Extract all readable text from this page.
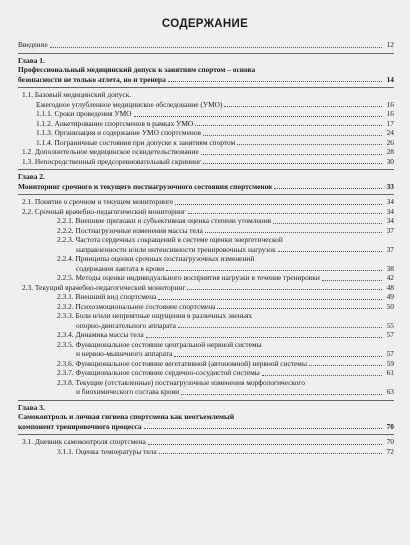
СОДЕРЖАНИЕ
Введение	12
Глава 1.
Профессиональный медицинский допуск к занятиям спортом – основа
безопасности не только атлета, но и тренера	14
1.1. Базовый медицинский допуск.
Ежегодное углубленное медицинское обследование (УМО)	16
1.1.1. Сроки проведения УМО	16
1.1.2. Анкетирование спортсменов в рамках УМО	17
1.1.3. Организация и содержание УМО спортсменов	24
1.1.4. Пограничные состояния при допуске к занятиям спортом	26
1.2. Дополнительное медицинское освидетельствование	28
1.3. Непосредственный предсоревновательный скрининг	30
Глава 2.
Мониторинг срочного и текущего постнагрузочного состояния спортсменов	33
2.1. Понятие о срочном и текущем мониторинге	34
2.2. Срочный врачебно-педагогический мониторинг	34
2.2.1. Внешние признаки и субъективная оценка степени утомления	34
2.2.2. Постнагрузочные изменения массы тела	37
2.2.3. Частота сердечных сокращений в системе оценки энергетической
направленности и/или интенсивности тренировочных нагрузок	37
2.2.4. Принципы оценки срочных постнагрузочных изменений
содержания лактата в крови	38
2.2.5. Методы оценки индивидуального восприятия нагрузки в течение тренировки	42
2.3. Текущий врачебно-педагогический мониторинг	48
2.3.1. Внешний вид спортсмена	49
2.3.2. Психоэмоциональное состояние спортсмена	50
2.3.3. Боли и/или неприятные ощущения в различных звеньях
опорно-двигательного аппарата	55
2.3.4. Динамика массы тела	57
2.3.5. Функциональное состояние центральной нервной системы
и нервно-мышечного аппарата	57
2.3.6. Функциональное состояние вегетативной (автономной) нервной системы	59
2.3.7. Функциональное состояние сердечно-сосудистой системы	61
2.3.8. Текущие (отставленные) постнагрузочные изменения морфологического
и биохимического состава крови	63
Глава 3.
Самоконтроль и личная гигиена спортсмена как неотъемлемый
компонент тренировочного процесса	70
3.1. Дневник самоконтроля спортсмена	70
3.1.1. Оценка температуры тела	72
